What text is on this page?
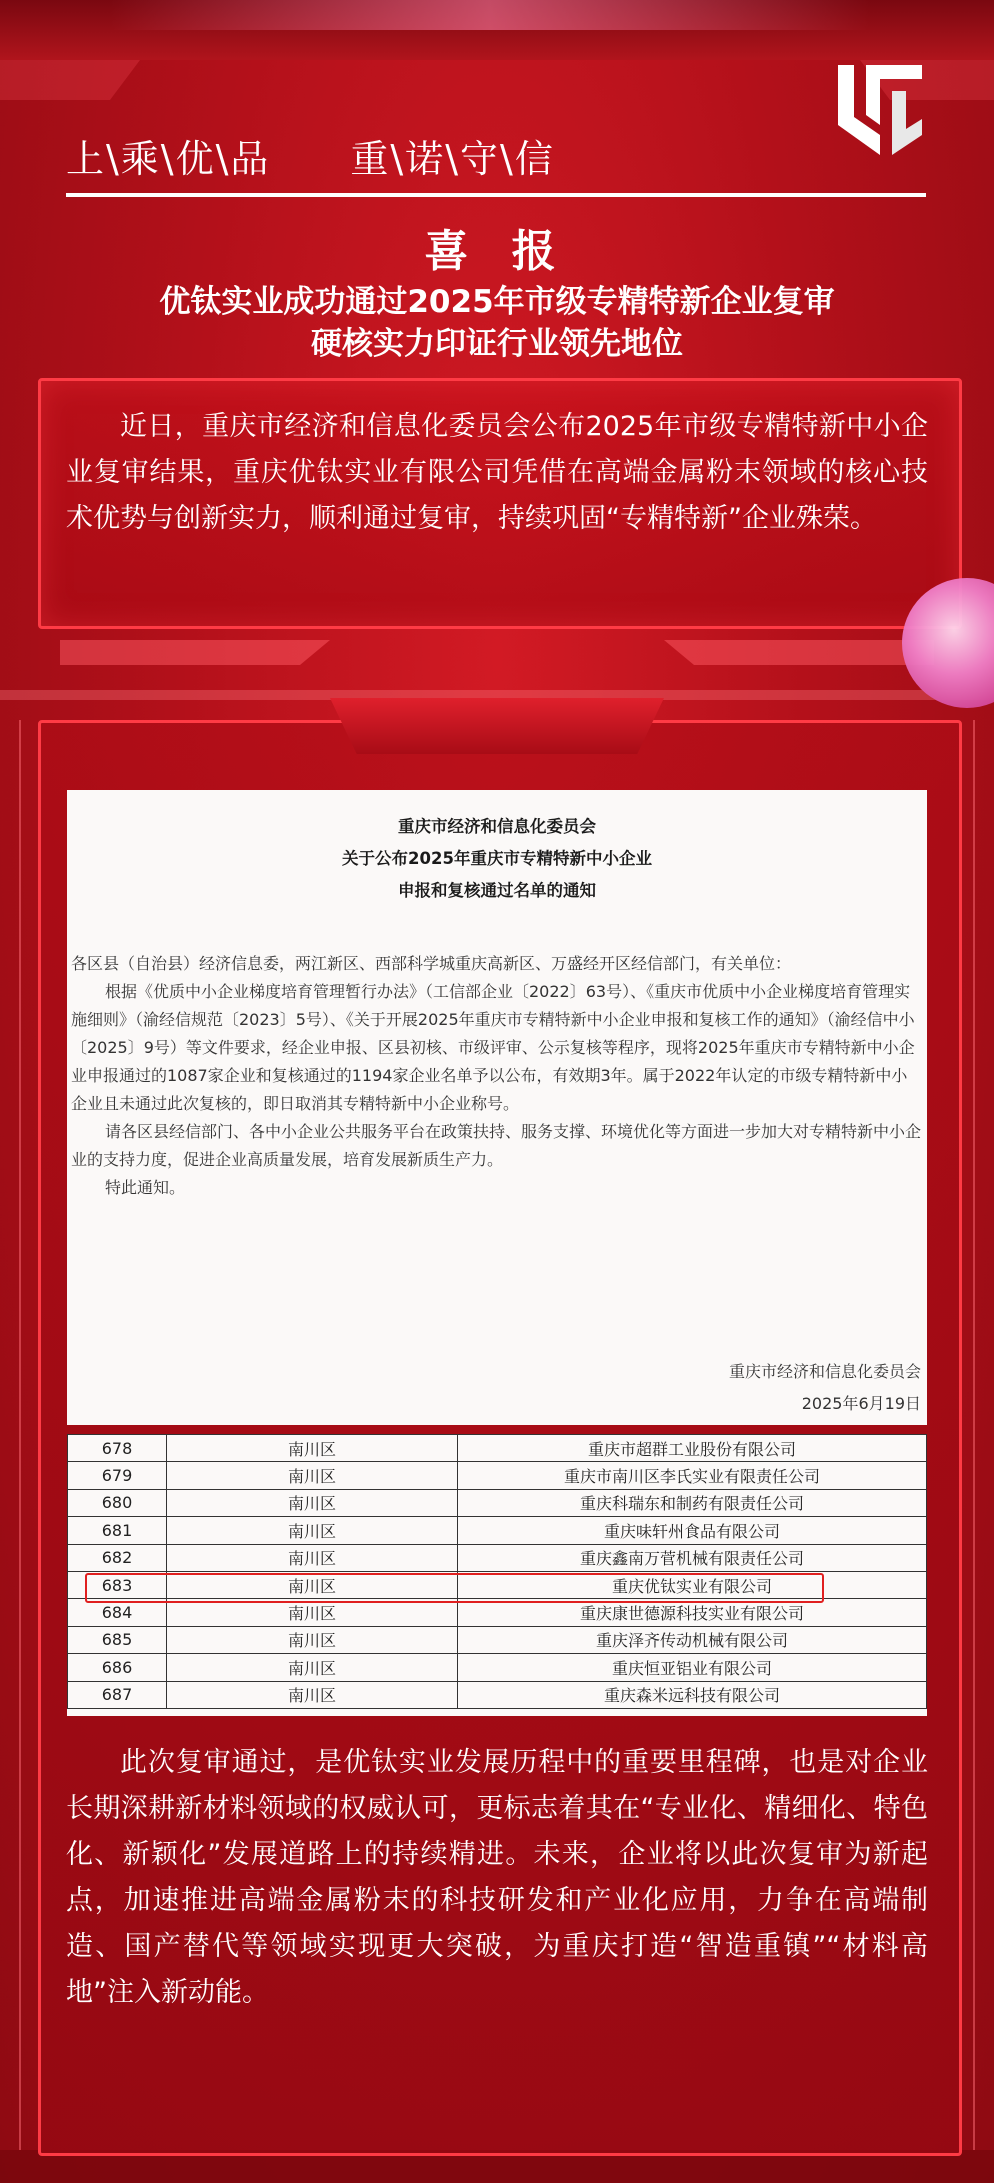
上\乘\优\品　　重\诺\守\信
喜 报
优钛实业成功通过2025年市级专精特新企业复审
硬核实力印证行业领先地位
近日，重庆市经济和信息化委员会公布2025年市级专精特新中小企业复审结果，重庆优钛实业有限公司凭借在高端金属粉末领域的核心技术优势与创新实力，顺利通过复审，持续巩固“专精特新”企业殊荣。
重庆市经济和信息化委员会
关于公布2025年重庆市专精特新中小企业
申报和复核通过名单的通知

各区县（自治县）经济信息委，两江新区、西部科学城重庆高新区、万盛经开区经信部门，有关单位：

根据《优质中小企业梯度培育管理暂行办法》（工信部企业〔2022〕63号）、《重庆市优质中小企业梯度培育管理实施细则》（渝经信规范〔2023〕5号）、《关于开展2025年重庆市专精特新中小企业申报和复核工作的通知》（渝经信中小〔2025〕9号）等文件要求，经企业申报、区县初核、市级评审、公示复核等程序，现将2025年重庆市专精特新中小企业申报通过的1087家企业和复核通过的1194家企业名单予以公布，有效期3年。属于2022年认定的市级专精特新中小企业且未通过此次复核的，即日取消其专精特新中小企业称号。

请各区县经信部门、各中小企业公共服务平台在政策扶持、服务支撑、环境优化等方面进一步加大对专精特新中小企业的支持力度，促进企业高质量发展，培育发展新质生产力。

特此通知。

重庆市经济和信息化委员会
2025年6月19日
678	南川区	重庆市超群工业股份有限公司
679	南川区	重庆市南川区李氏实业有限责任公司
680	南川区	重庆科瑞东和制药有限责任公司
681	南川区	重庆味轩州食品有限公司
682	南川区	重庆鑫南万菅机械有限责任公司
683	南川区	重庆优钛实业有限公司
684	南川区	重庆康世德源科技实业有限公司
685	南川区	重庆泽齐传动机械有限公司
686	南川区	重庆恒亚铝业有限公司
687	南川区	重庆森米远科技有限公司
此次复审通过，是优钛实业发展历程中的重要里程碑，也是对企业长期深耕新材料领域的权威认可，更标志着其在“专业化、精细化、特色化、新颖化”发展道路上的持续精进。未来，企业将以此次复审为新起点，加速推进高端金属粉末的科技研发和产业化应用，力争在高端制造、国产替代等领域实现更大突破，为重庆打造“智造重镇”“材料高地”注入新动能。
